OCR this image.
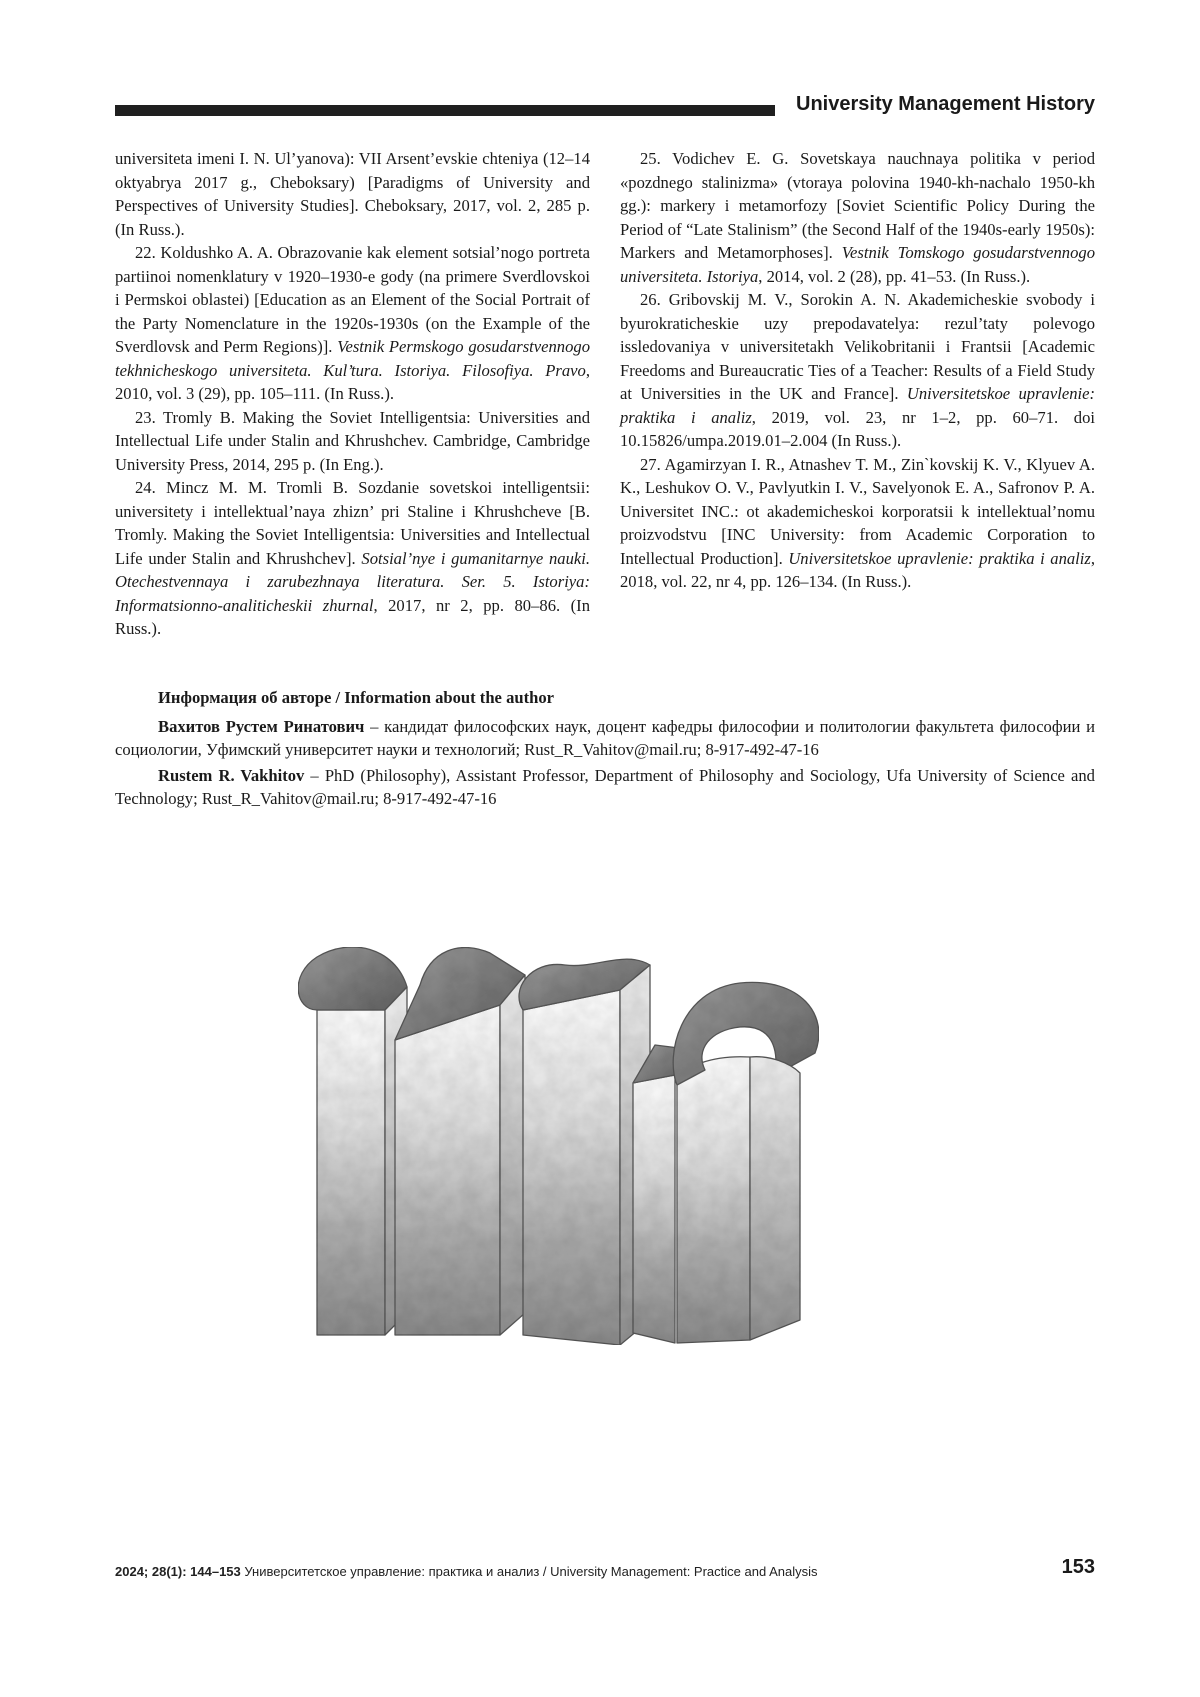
University Management History

universiteta imeni I. N. Ul’yanova): VII Arsent’evskie chteniya (12–14 oktyabrya 2017 g., Cheboksary) [Paradigms of University and Perspectives of University Studies]. Cheboksary, 2017, vol. 2, 285 p. (In Russ.).

22. Koldushko A. A. Obrazovanie kak element sotsial’nogo portreta partiinoi nomenklatury v 1920–1930-e gody (na primere Sverdlovskoi i Permskoi oblastei) [Education as an Element of the Social Portrait of the Party Nomenclature in the 1920s-1930s (on the Example of the Sverdlovsk and Perm Regions)]. Vestnik Permskogo gosudarstvennogo tekhnicheskogo universiteta. Kul’tura. Istoriya. Filosofiya. Pravo, 2010, vol. 3 (29), pp. 105–111. (In Russ.).

23. Tromly B. Making the Soviet Intelligentsia: Universities and Intellectual Life under Stalin and Khrushchev. Cambridge, Cambridge University Press, 2014, 295 p. (In Eng.).

24. Mincz M. M. Tromli B. Sozdanie sovetskoi intelligentsii: universitety i intellektual’naya zhizn’ pri Staline i Khrushcheve [B. Tromly. Making the Soviet Intelligentsia: Universities and Intellectual Life under Stalin and Khrushchev]. Sotsial’nye i gumanitarnye nauki. Otechestvennaya i zarubezhnaya literatura. Ser. 5. Istoriya: Informatsionno-analiticheskii zhurnal, 2017, nr 2, pp. 80–86. (In Russ.).

25. Vodichev E. G. Sovetskaya nauchnaya politika v period «pozdnego stalinizma» (vtoraya polovina 1940-kh-nachalo 1950-kh gg.): markery i metamorfozy [Soviet Scientific Policy During the Period of “Late Stalinism” (the Second Half of the 1940s-early 1950s): Markers and Metamorphoses]. Vestnik Tomskogo gosudarstvennogo universiteta. Istoriya, 2014, vol. 2 (28), pp. 41–53. (In Russ.).

26. Gribovskij M. V., Sorokin A. N. Akademicheskie svobody i byurokraticheskie uzy prepodavatelya: rezul’taty polevogo issledovaniya v universitetakh Velikobritanii i Frantsii [Academic Freedoms and Bureaucratic Ties of a Teacher: Results of a Field Study at Universities in the UK and France]. Universitetskoe upravlenie: praktika i analiz, 2019, vol. 23, nr 1–2, pp. 60–71. doi 10.15826/umpa.2019.01–2.004 (In Russ.).

27. Agamirzyan I. R., Atnashev T. M., Zin`kovskij K. V., Klyuev A. K., Leshukov O. V., Pavlyutkin I. V., Savelyonok E. A., Safronov P. A. Universitet INC.: ot akademicheskoi korporatsii k intellektual’nomu proizvodstvu [INC University: from Academic Corporation to Intellectual Production]. Universitetskoe upravlenie: praktika i analiz, 2018, vol. 22, nr 4, pp. 126–134. (In Russ.).

Информация об авторе / Information about the author

Вахитов Рустем Ринатович – кандидат философских наук, доцент кафедры философии и политологии факультета философии и социологии, Уфимский университет науки и технологий; Rust_R_Vahitov@mail.ru; 8-917-492-47-16

Rustem R. Vakhitov – PhD (Philosophy), Assistant Professor, Department of Philosophy and Sociology, Ufa University of Science and Technology; Rust_R_Vahitov@mail.ru; 8-917-492-47-16

2024; 28(1): 144–153 Университетское управление: практика и анализ / University Management: Practice and Analysis	153
